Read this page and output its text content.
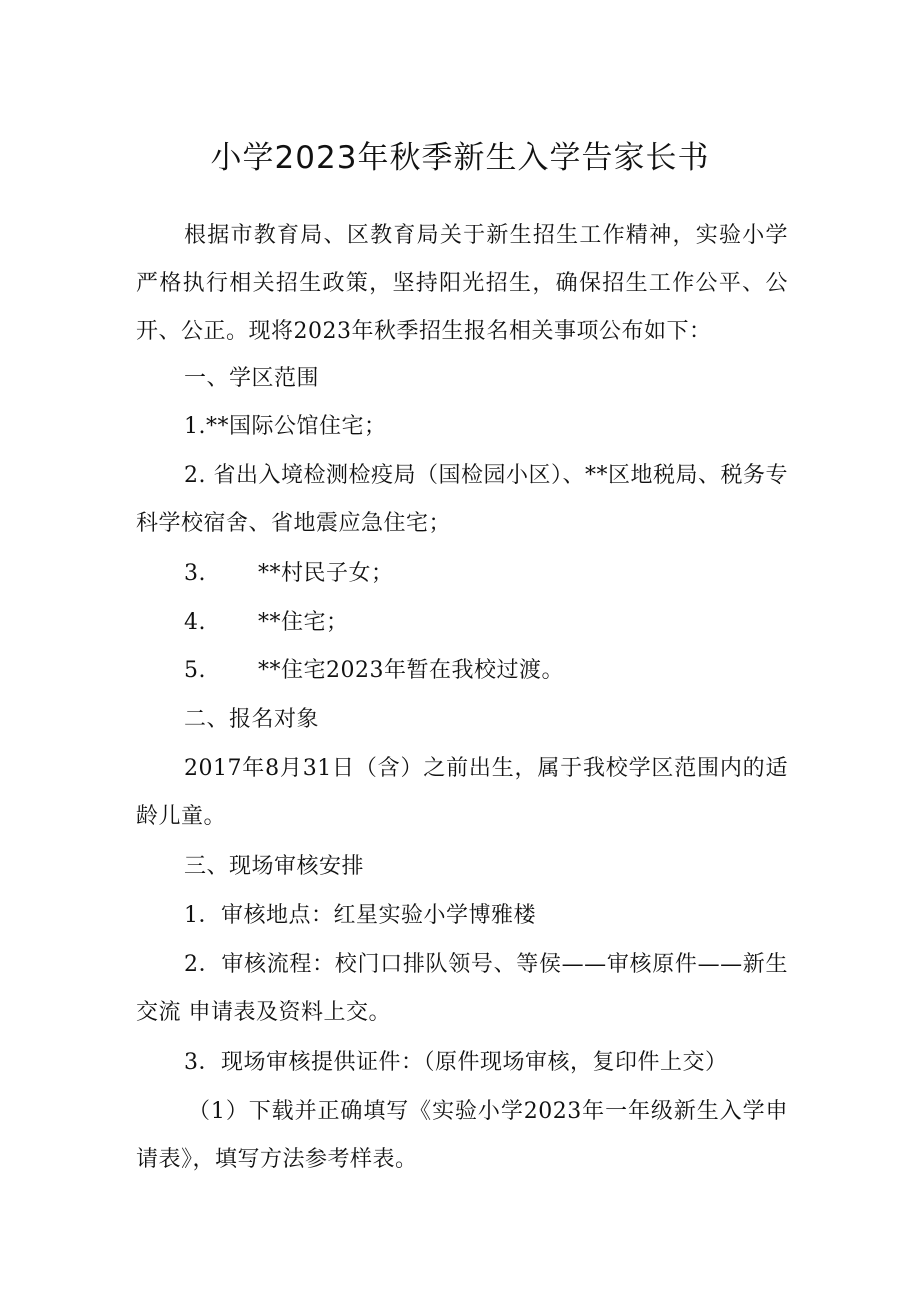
小学2023年秋季新生入学告家长书
根据市教育局、区教育局关于新生招生工作精神，实验小学严格执行相关招生政策，坚持阳光招生，确保招生工作公平、公开、公正。现将2023年秋季招生报名相关事项公布如下：
一、学区范围
1.**国际公馆住宅；
2. 省出入境检测检疫局（国检园小区）、**区地税局、税务专科学校宿舍、省地震应急住宅；
3. **村民子女；
4. **住宅；
5. **住宅2023年暂在我校过渡。
二、报名对象
2017年8月31日（含）之前出生，属于我校学区范围内的适龄儿童。
三、现场审核安排
1．审核地点：红星实验小学博雅楼
2．审核流程：校门口排队领号、等侯——审核原件——新生交流 申请表及资料上交。
3．现场审核提供证件：（原件现场审核，复印件上交）
（1）下载并正确填写《实验小学2023年一年级新生入学申请表》，填写方法参考样表。
